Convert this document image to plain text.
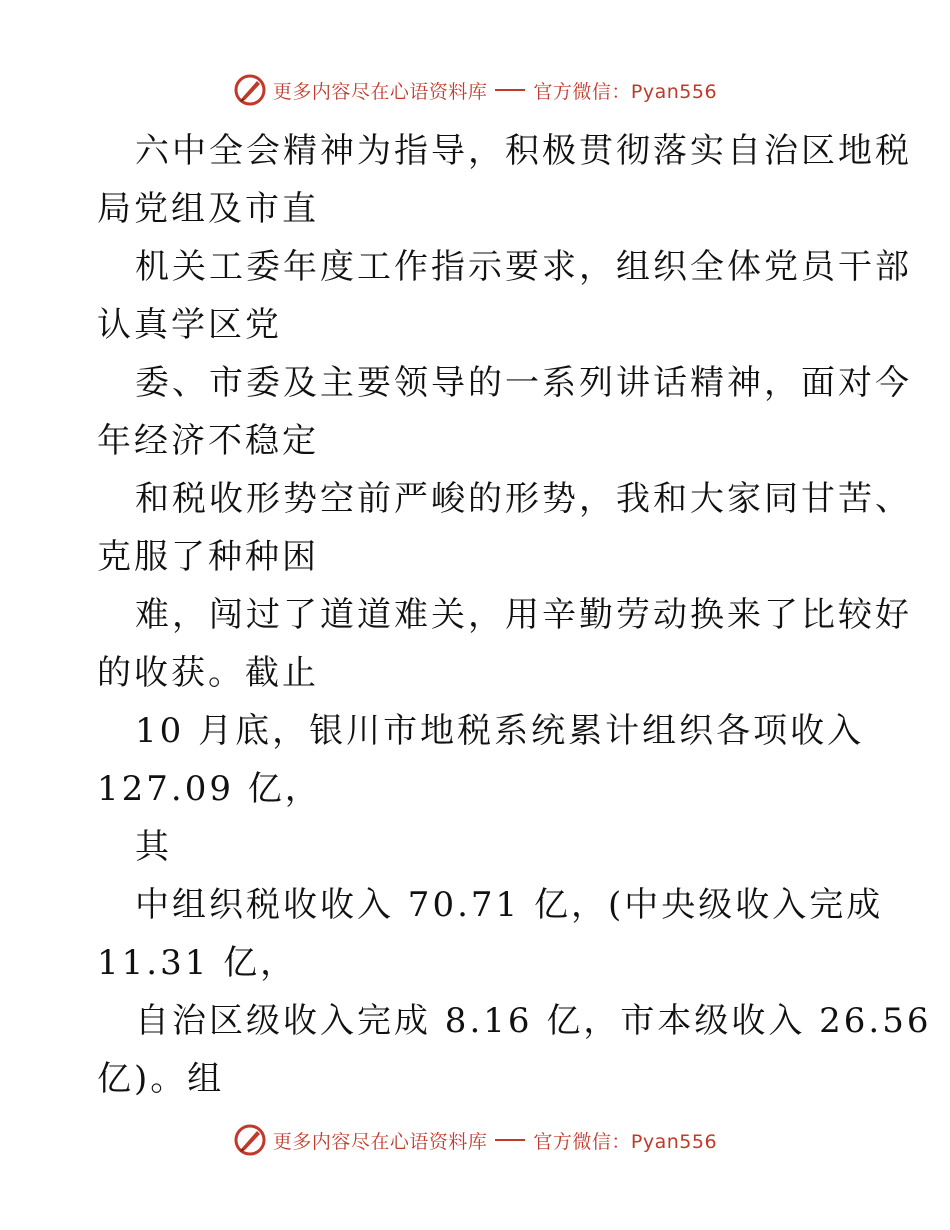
更多内容尽在心语资料库 官方微信：Pyan556
六中全会精神为指导，积极贯彻落实自治区地税
局党组及市直
机关工委年度工作指示要求，组织全体党员干部
认真学区党
委、市委及主要领导的一系列讲话精神，面对今
年经济不稳定
和税收形势空前严峻的形势，我和大家同甘苦、
克服了种种困
难，闯过了道道难关，用辛勤劳动换来了比较好
的收获。截止
10 月底，银川市地税系统累计组织各项收入
127.09 亿，
其
中组织税收收入 70.71 亿，(中央级收入完成
11.31 亿，
自治区级收入完成 8.16 亿，市本级收入 26.56
亿)。组
更多内容尽在心语资料库 官方微信：Pyan556
